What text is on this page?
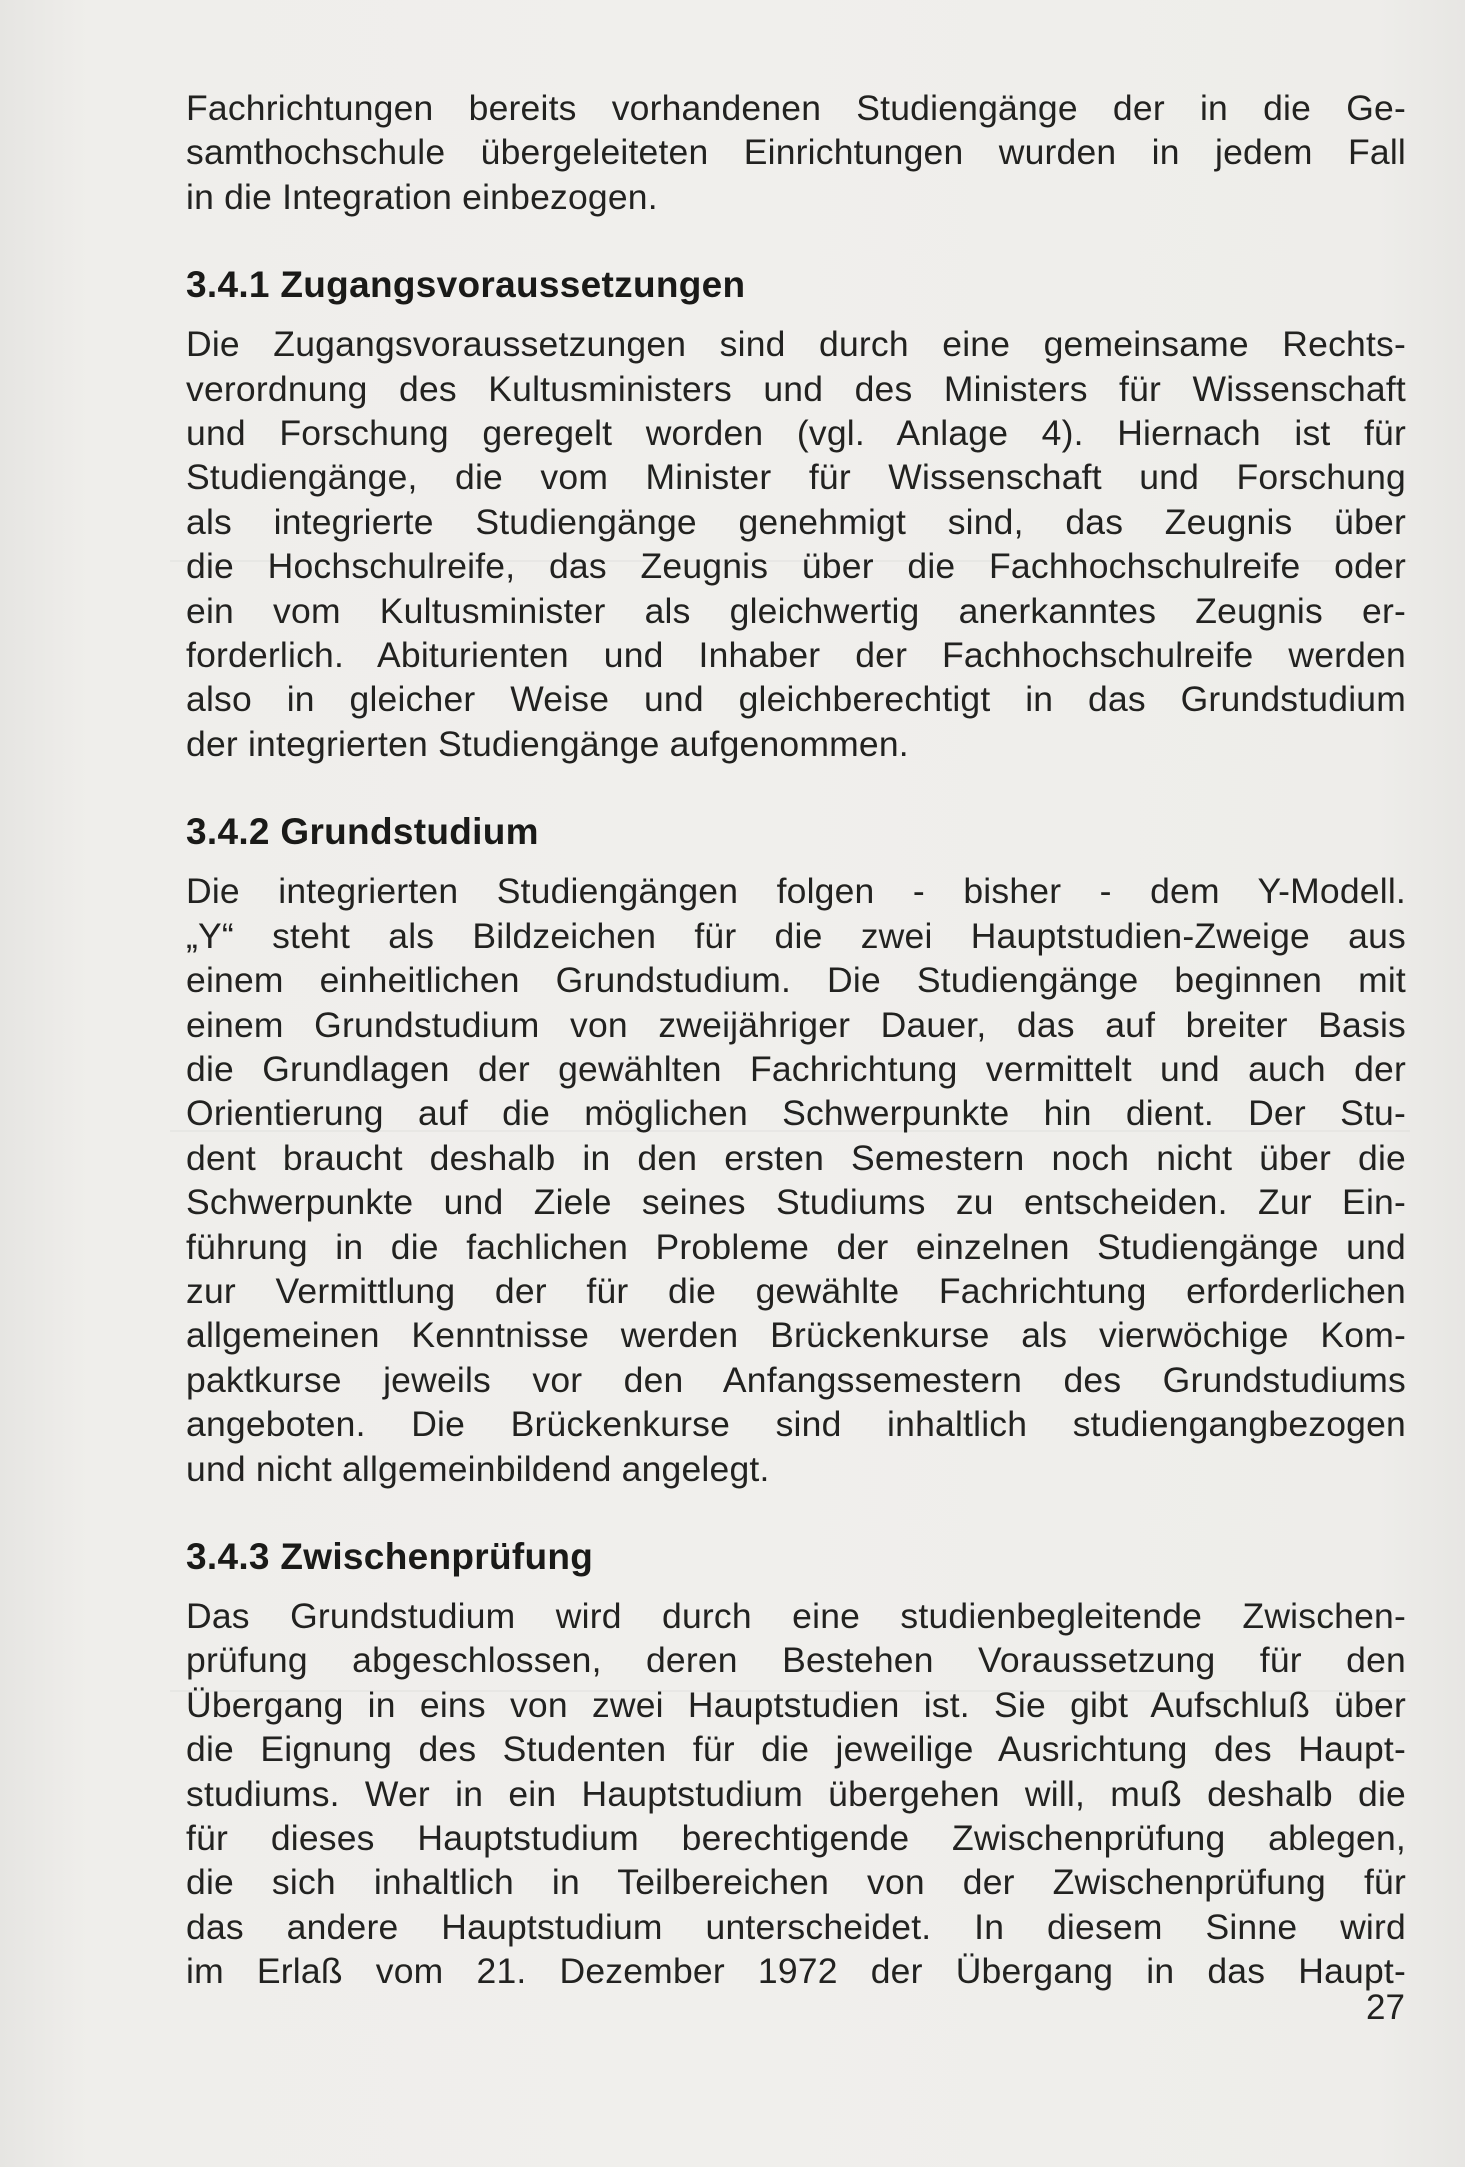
Fachrichtungen bereits vorhandenen Studiengänge der in die Ge-
samthochschule übergeleiteten Einrichtungen wurden in jedem Fall
in die Integration einbezogen.

3.4.1 Zugangsvoraussetzungen

Die Zugangsvoraussetzungen sind durch eine gemeinsame Rechts-
verordnung des Kultusministers und des Ministers für Wissenschaft
und Forschung geregelt worden (vgl. Anlage 4). Hiernach ist für
Studiengänge, die vom Minister für Wissenschaft und Forschung
als integrierte Studiengänge genehmigt sind, das Zeugnis über
die Hochschulreife, das Zeugnis über die Fachhochschulreife oder
ein vom Kultusminister als gleichwertig anerkanntes Zeugnis er-
forderlich. Abiturienten und Inhaber der Fachhochschulreife werden
also in gleicher Weise und gleichberechtigt in das Grundstudium
der integrierten Studiengänge aufgenommen.

3.4.2 Grundstudium

Die integrierten Studiengängen folgen - bisher - dem Y-Modell.
„Y“ steht als Bildzeichen für die zwei Hauptstudien-Zweige aus
einem einheitlichen Grundstudium. Die Studiengänge beginnen mit
einem Grundstudium von zweijähriger Dauer, das auf breiter Basis
die Grundlagen der gewählten Fachrichtung vermittelt und auch der
Orientierung auf die möglichen Schwerpunkte hin dient. Der Stu-
dent braucht deshalb in den ersten Semestern noch nicht über die
Schwerpunkte und Ziele seines Studiums zu entscheiden. Zur Ein-
führung in die fachlichen Probleme der einzelnen Studiengänge und
zur Vermittlung der für die gewählte Fachrichtung erforderlichen
allgemeinen Kenntnisse werden Brückenkurse als vierwöchige Kom-
paktkurse jeweils vor den Anfangssemestern des Grundstudiums
angeboten. Die Brückenkurse sind inhaltlich studiengangbezogen
und nicht allgemeinbildend angelegt.

3.4.3 Zwischenprüfung

Das Grundstudium wird durch eine studienbegleitende Zwischen-
prüfung abgeschlossen, deren Bestehen Voraussetzung für den
Übergang in eins von zwei Hauptstudien ist. Sie gibt Aufschluß über
die Eignung des Studenten für die jeweilige Ausrichtung des Haupt-
studiums. Wer in ein Hauptstudium übergehen will, muß deshalb die
für dieses Hauptstudium berechtigende Zwischenprüfung ablegen,
die sich inhaltlich in Teilbereichen von der Zwischenprüfung für
das andere Hauptstudium unterscheidet. In diesem Sinne wird
im Erlaß vom 21. Dezember 1972 der Übergang in das Haupt-

27
